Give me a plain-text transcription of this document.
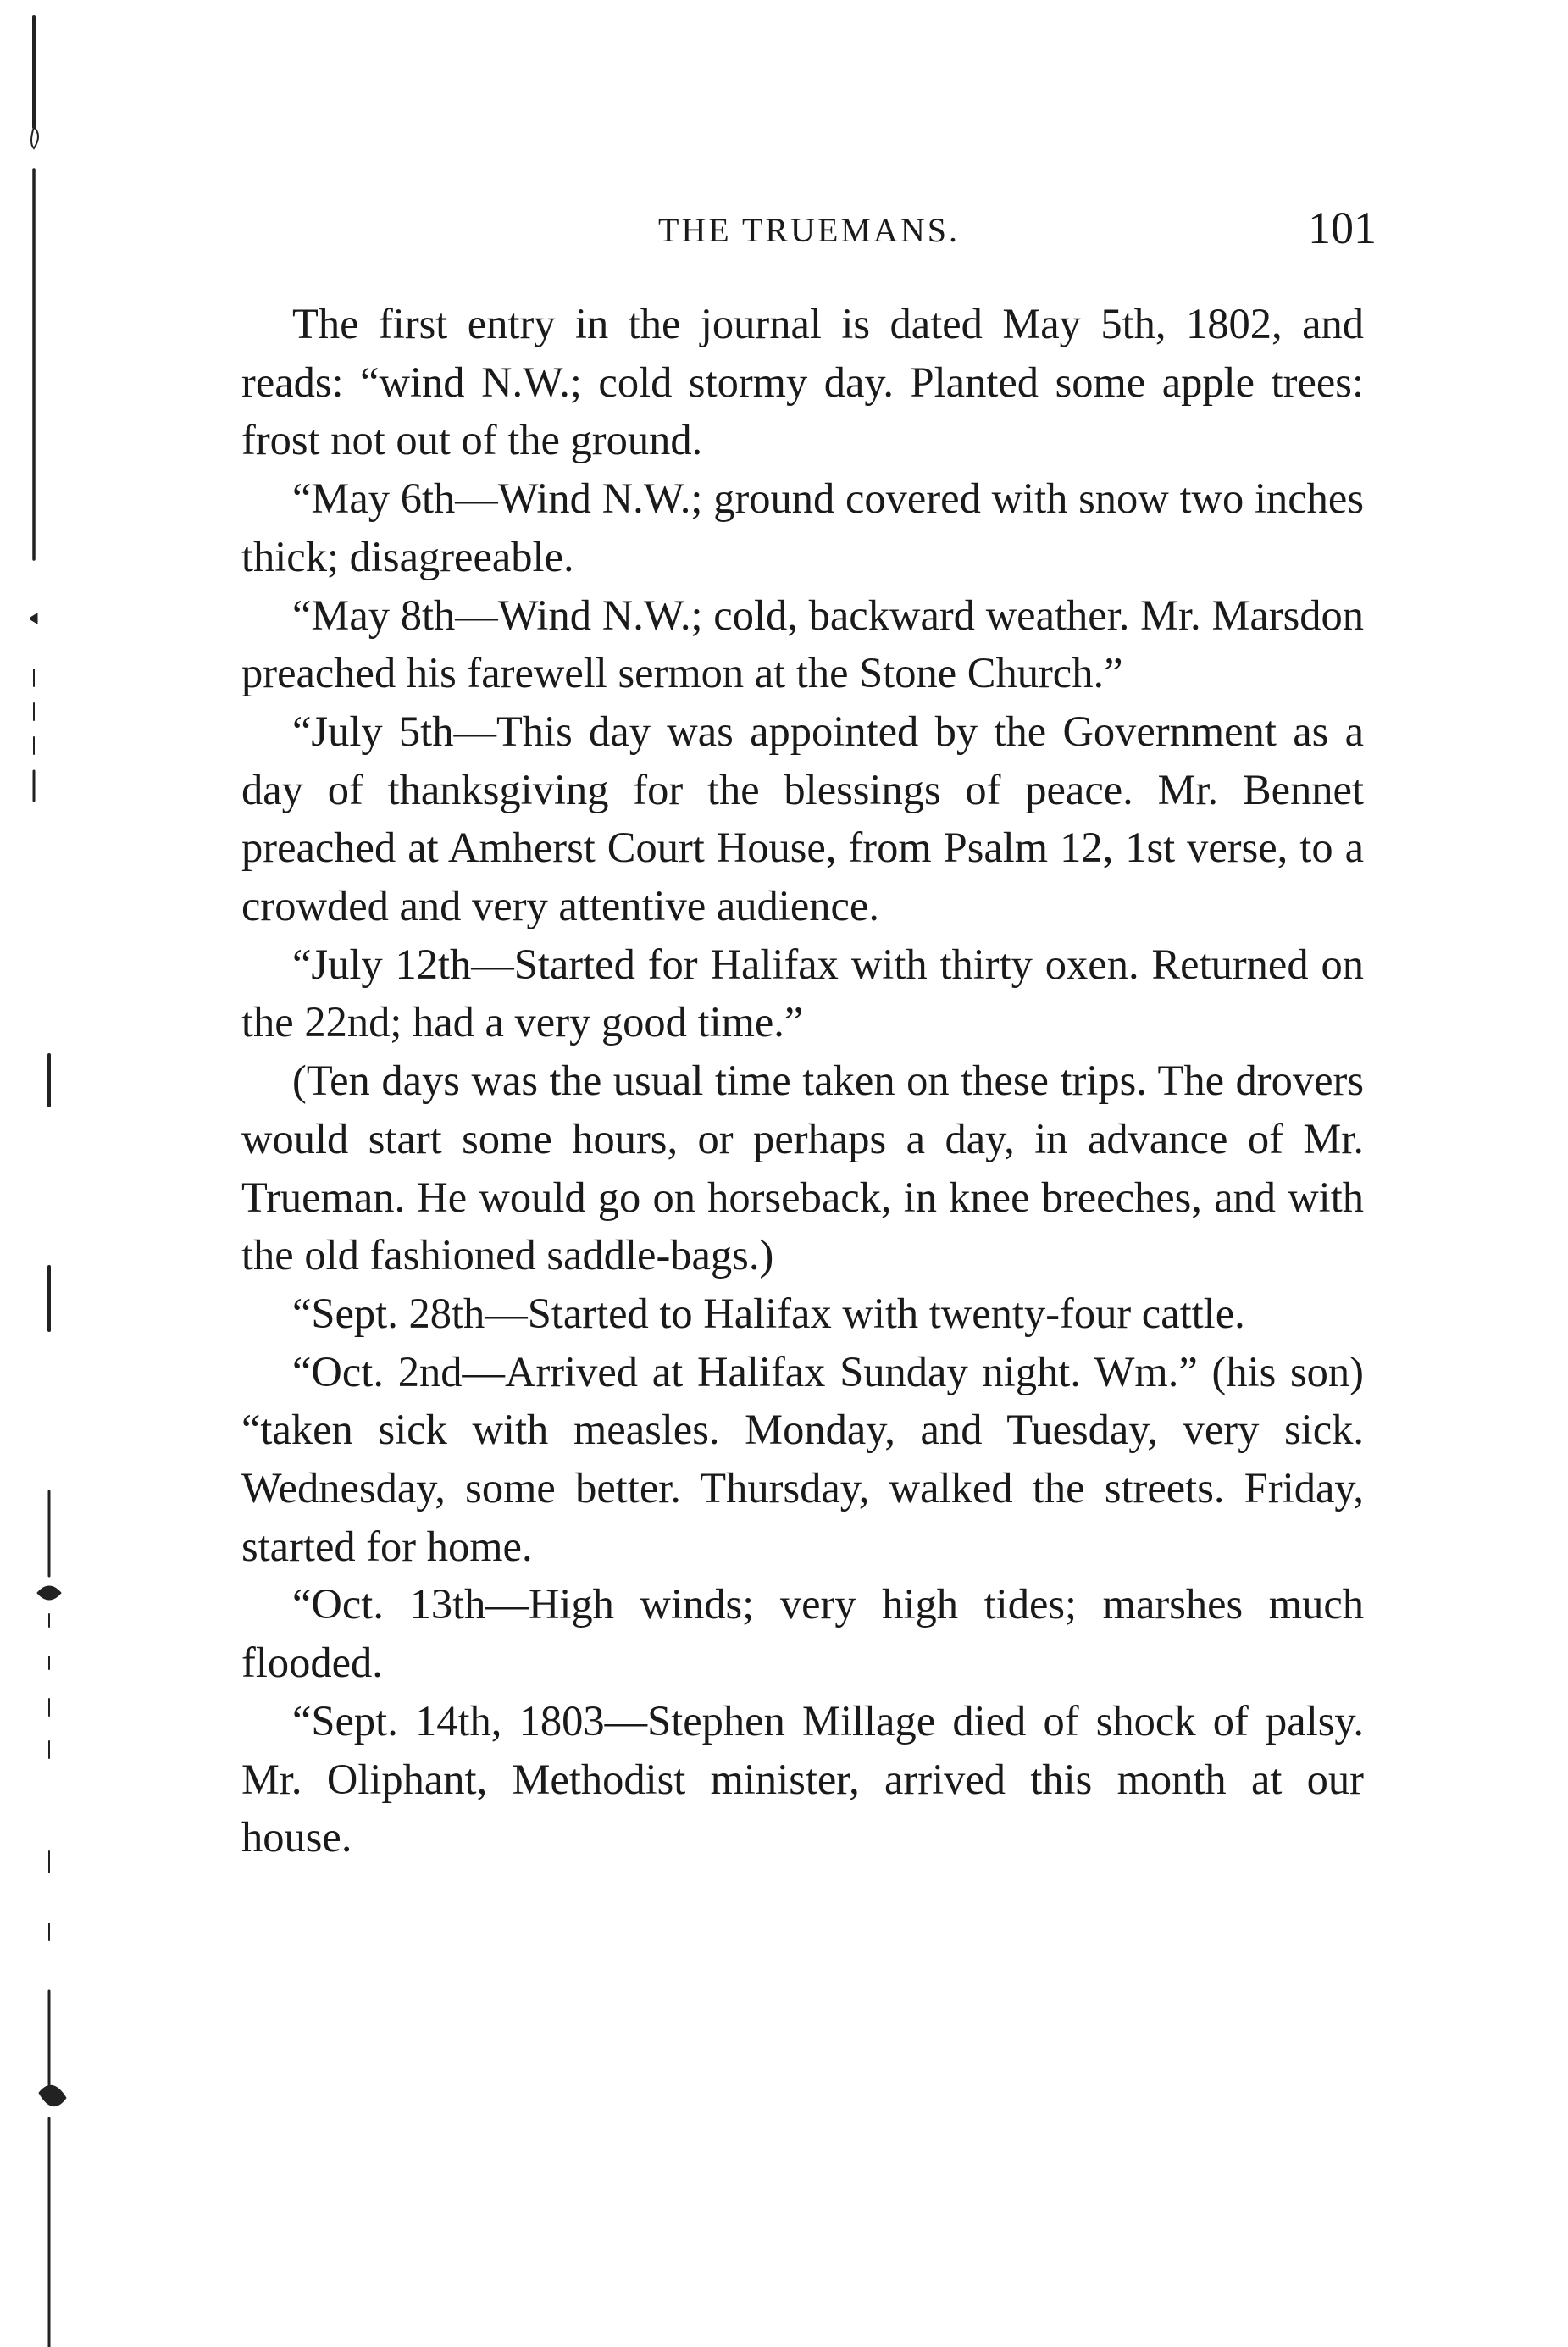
THE TRUEMANS.	101

The first entry in the journal is dated May 5th, 1802, and reads: “wind N.W.; cold stormy day. Planted some apple trees: frost not out of the ground.

“May 6th—Wind N.W.; ground covered with snow two inches thick; disagreeable.

“May 8th—Wind N.W.; cold, backward weather. Mr. Marsdon preached his farewell sermon at the Stone Church.”

“July 5th—This day was appointed by the Government as a day of thanksgiving for the blessings of peace. Mr. Bennet preached at Amherst Court House, from Psalm 12, 1st verse, to a crowded and very attentive audience.

“July 12th—Started for Halifax with thirty oxen. Returned on the 22nd; had a very good time.”

(Ten days was the usual time taken on these trips. The drovers would start some hours, or perhaps a day, in advance of Mr. Trueman. He would go on horseback, in knee breeches, and with the old fashioned saddle-bags.)

“Sept. 28th—Started to Halifax with twenty-four cattle.

“Oct. 2nd—Arrived at Halifax Sunday night. Wm.” (his son) “taken sick with measles. Monday, and Tuesday, very sick. Wednesday, some better. Thursday, walked the streets. Friday, started for home.

“Oct. 13th—High winds; very high tides; marshes much flooded.

“Sept. 14th, 1803—Stephen Millage died of shock of palsy. Mr. Oliphant, Methodist minister, arrived this month at our house.
